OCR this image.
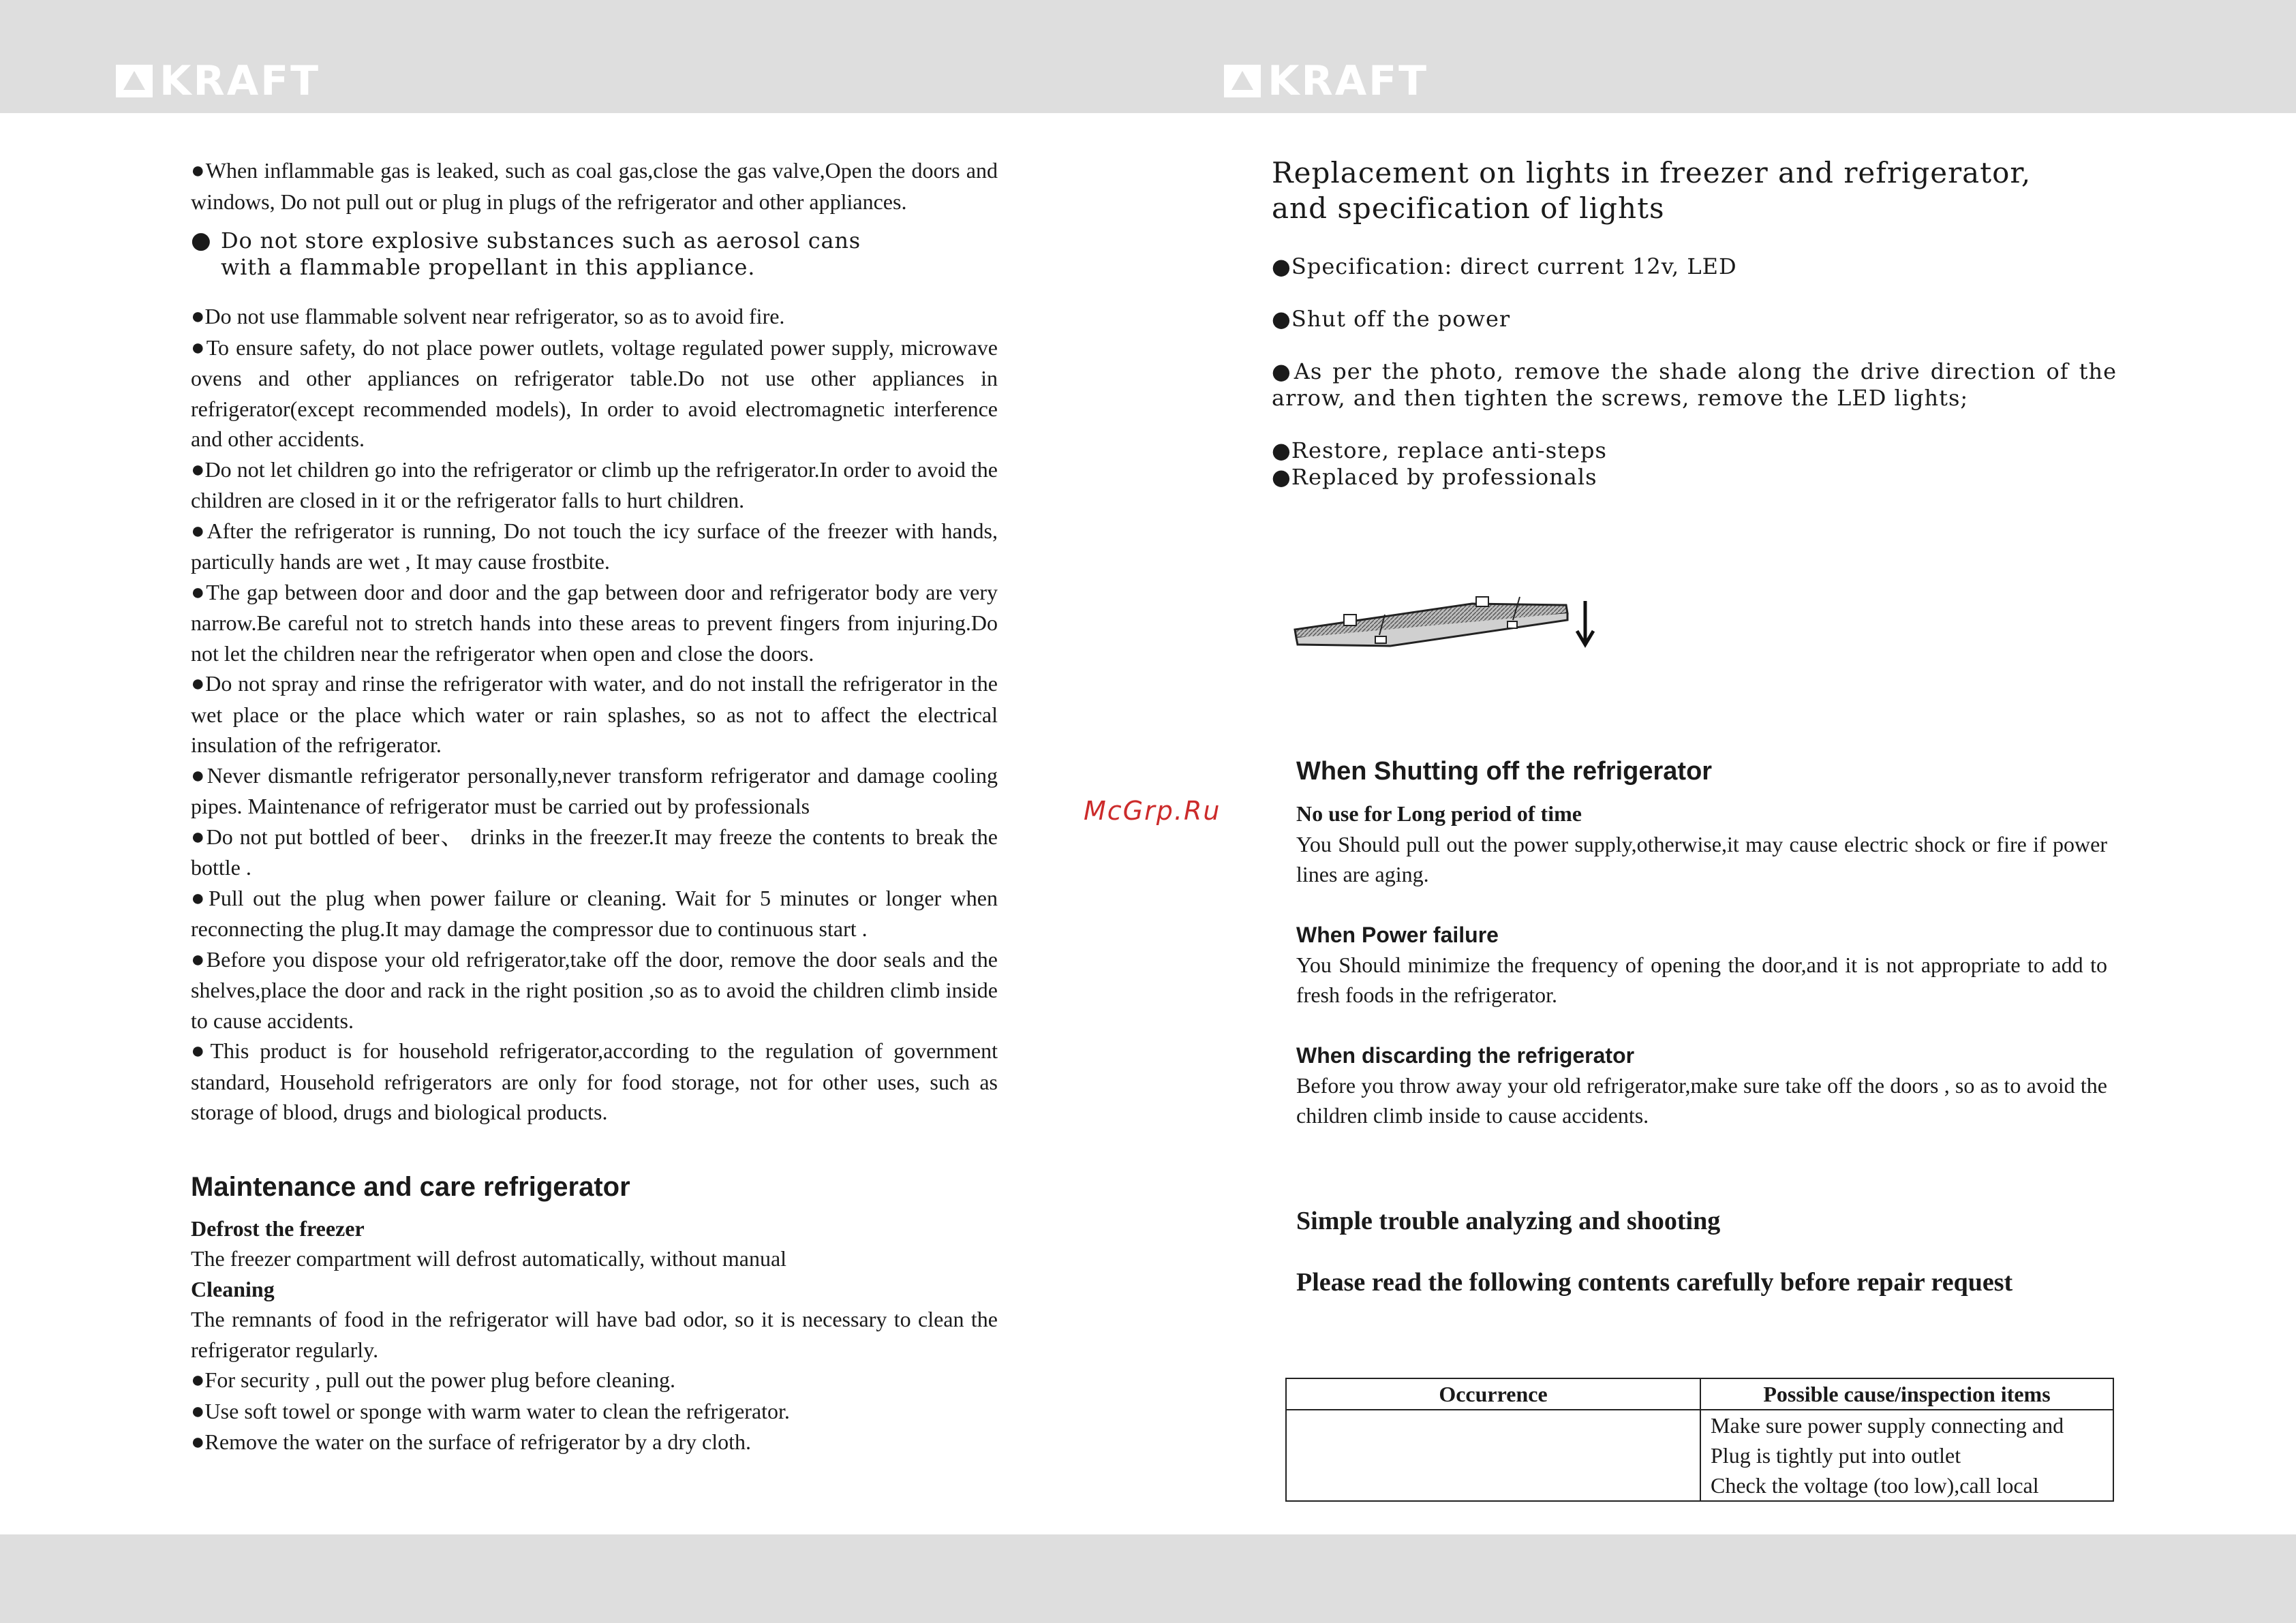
KRAFT	KRAFT

●When inflammable gas is leaked, such as coal gas,close the gas valve,Open the doors and windows, Do not pull out or plug in plugs of the refrigerator and other appliances.

● Do not store explosive substances such as aerosol cans with a flammable propellant in this appliance.

●Do not use flammable solvent near refrigerator, so as to avoid fire.

●To ensure safety, do not place power outlets, voltage regulated power supply, microwave ovens and other appliances on refrigerator table.Do not use other appliances in refrigerator(except recommended models), In order to avoid electromagnetic interference and other accidents.

●Do not let children go into the refrigerator or climb up the refrigerator.In order to avoid the children are closed in it or the refrigerator falls to hurt children.

●After the refrigerator is running, Do not touch the icy surface of the freezer with hands, particully hands are wet , It may cause frostbite.

●The gap between door and door and the gap between door and refrigerator body are very narrow.Be careful not to stretch hands into these areas to prevent fingers from injuring.Do not let the children near the refrigerator when open and close the doors.

●Do not spray and rinse the refrigerator with water, and do not install the refrigerator in the wet place or the place which water or rain splashes, so as not to affect the electrical insulation of the refrigerator.

●Never dismantle refrigerator personally,never transform refrigerator and damage cooling pipes. Maintenance of refrigerator must be carried out by professionals

●Do not put bottled of beer、 drinks in the freezer.It may freeze the contents to break the bottle .

●Pull out the plug when power failure or cleaning. Wait for 5 minutes or longer when reconnecting the plug.It may damage the compressor due to continuous start .

●Before you dispose your old refrigerator,take off the door, remove the door seals and the shelves,place the door and rack in the right position ,so as to avoid the children climb inside to cause accidents.

●This product is for household refrigerator,according to the regulation of government standard, Household refrigerators are only for food storage, not for other uses, such as storage of blood, drugs and biological products.

Maintenance and care refrigerator

Defrost the freezer

The freezer compartment will defrost automatically, without manual

Cleaning

The remnants of food in the refrigerator will have bad odor, so it is necessary to clean the refrigerator regularly.

●For security , pull out the power plug before cleaning.

●Use soft towel or sponge with warm water to clean the refrigerator.

●Remove the water on the surface of refrigerator by a dry cloth.

McGrp.Ru
Replacement on lights in freezer and refrigerator,
and specification of lights

●Specification: direct current 12v, LED

●Shut off the power

●As per the photo, remove the shade along the drive direction of the arrow, and then tighten the screws, remove the LED lights;

●Restore, replace anti-steps

●Replaced by professionals

When Shutting off the refrigerator

No use for Long period of time

You Should pull out the power supply,otherwise,it may cause electric shock or fire if power lines are aging.

When Power failure

You Should minimize the frequency of opening the door,and it is not appropriate to add to fresh foods in the refrigerator.

When discarding the refrigerator

Before you throw away your old refrigerator,make sure take off the doors , so as to avoid the children climb inside to cause accidents.

Simple trouble analyzing and shooting
Please read the following contents carefully before repair request
Occurrence	Possible cause/inspection items

	Make sure power supply connecting and
Plug is tightly put into outlet
Check the voltage (too low),call local
